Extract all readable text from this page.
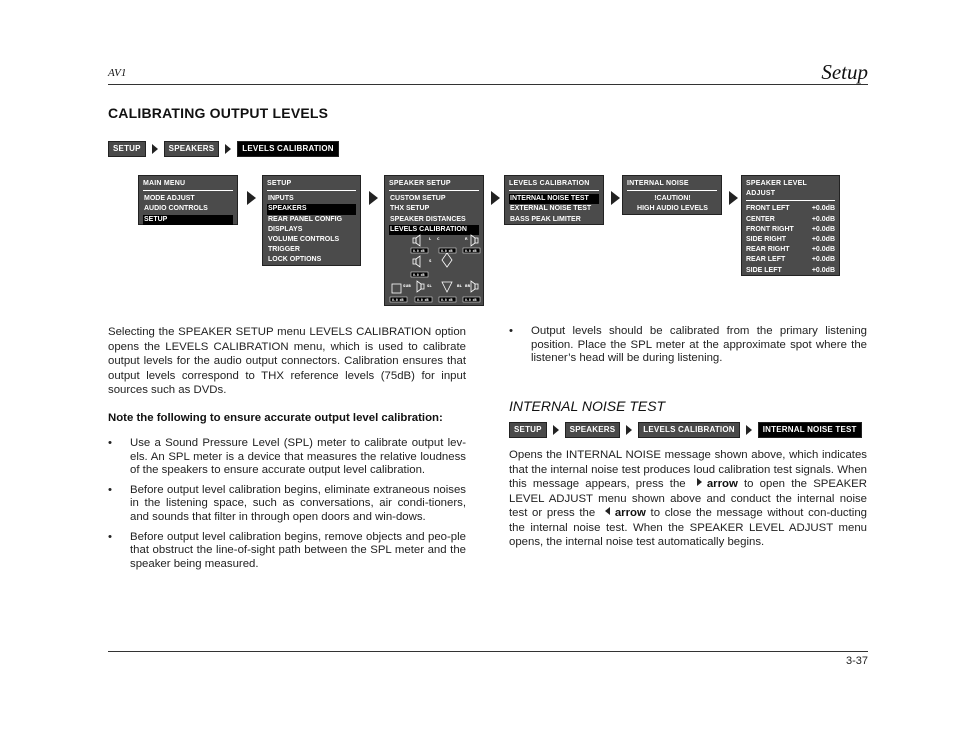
AV1	Setup
3-37
CALIBRATING OUTPUT LEVELS
SETUP	SPEAKERS	LEVELS CALIBRATION
MAIN MENU
MODE ADJUST
AUDIO CONTROLS
SETUP
SETUP
INPUTS
SPEAKERS
REAR PANEL CONFIG
DISPLAYS
VOLUME CONTROLS
TRIGGER
LOCK OPTIONS
SPEAKER SETUP
CUSTOM SETUP
THX SETUP
SPEAKER DISTANCES
LEVELS CALIBRATION
L C	R
S
SUB	SL	BL BR
0.0 dB	0.0 dB	0.0 dB
0.0 dB
0.0 dB	0.0 dB	0.0 dB	0.0 dB
LEVELS CALIBRATION
INTERNAL NOISE TEST
EXTERNAL NOISE TEST
BASS PEAK LIMITER
INTERNAL NOISE
!CAUTION!
HIGH AUDIO LEVELS
SPEAKER LEVEL ADJUST
FRONT LEFT	+0.0dB
CENTER	+0.0dB
FRONT RIGHT	+0.0dB
SIDE RIGHT	+0.0dB
REAR RIGHT	+0.0dB
REAR LEFT	+0.0dB
SIDE LEFT	+0.0dB
SUBWOOFER	+0.0dB
Selecting the SPEAKER SETUP menu LEVELS CALIBRATION option opens the LEVELS CALIBRATION menu, which is used to calibrate output levels for the audio output connectors. Calibration ensures that output levels correspond to THX reference levels (75dB) for input sources such as DVDs.
Note the following to ensure accurate output level calibration:
• Use a Sound Pressure Level (SPL) meter to calibrate output lev-els. An SPL meter is a device that measures the relative loudness of the speakers to ensure accurate output level calibration.
• Before output level calibration begins, eliminate extraneous noises in the listening space, such as conversations, air condi-tioners, and sounds that filter in through open doors and win-dows.
• Before output level calibration begins, remove objects and peo-ple that obstruct the line-of-sight path between the SPL meter and the speaker being measured.
• Output levels should be calibrated from the primary listening position. Place the SPL meter at the approximate spot where the listener’s head will be during listening.
INTERNAL NOISE TEST
SETUP	SPEAKERS	LEVELS CALIBRATION	INTERNAL NOISE TEST
Opens the INTERNAL NOISE message shown above, which indicates that the internal noise test produces loud calibration test signals. When this message appears, press the arrow to open the SPEAKER LEVEL ADJUST menu shown above and conduct the internal noise test or press the arrow to close the message without con-ducting the internal noise test. When the SPEAKER LEVEL ADJUST menu opens, the internal noise test automatically begins.
